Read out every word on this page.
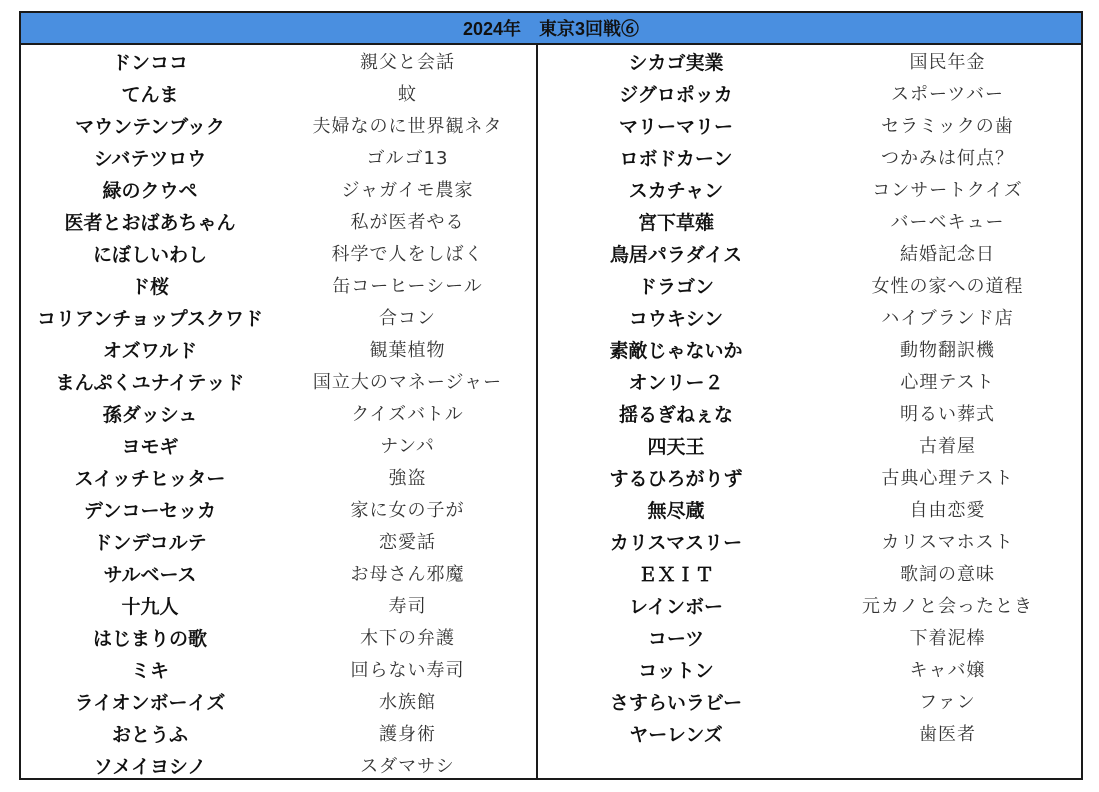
2024年　東京3回戦⑥
ドンココ	親父と会話
てんま	蚊
マウンテンブック	夫婦なのに世界観ネタ
シバテツロウ	ゴルゴ13
緑のクウペ	ジャガイモ農家
医者とおばあちゃん	私が医者やる
にぼしいわし	科学で人をしばく
ド桜	缶コーヒーシール
コリアンチョップスクワド	合コン
オズワルド	観葉植物
まんぷくユナイテッド	国立大のマネージャー
孫ダッシュ	クイズバトル
ヨモギ	ナンパ
スイッチヒッター	強盗
デンコーセッカ	家に女の子が
ドンデコルテ	恋愛話
サルベース	お母さん邪魔
十九人	寿司
はじまりの歌	木下の弁護
ミキ	回らない寿司
ライオンボーイズ	水族館
おとうふ	護身術
ソメイヨシノ	スダマサシ
シカゴ実業	国民年金
ジグロポッカ	スポーツバー
マリーマリー	セラミックの歯
ロボドカーン	つかみは何点？
スカチャン	コンサートクイズ
宮下草薙	バーベキュー
鳥居パラダイス	結婚記念日
ドラゴン	女性の家への道程
コウキシン	ハイブランド店
素敵じゃないか	動物翻訳機
オンリー２	心理テスト
揺るぎねぇな	明るい葬式
四天王	古着屋
するひろがりず	古典心理テスト
無尽蔵	自由恋愛
カリスマスリー	カリスマホスト
ＥＸＩＴ	歌詞の意味
レインボー	元カノと会ったとき
コーツ	下着泥棒
コットン	キャバ嬢
さすらいラビー	ファン
ヤーレンズ	歯医者
